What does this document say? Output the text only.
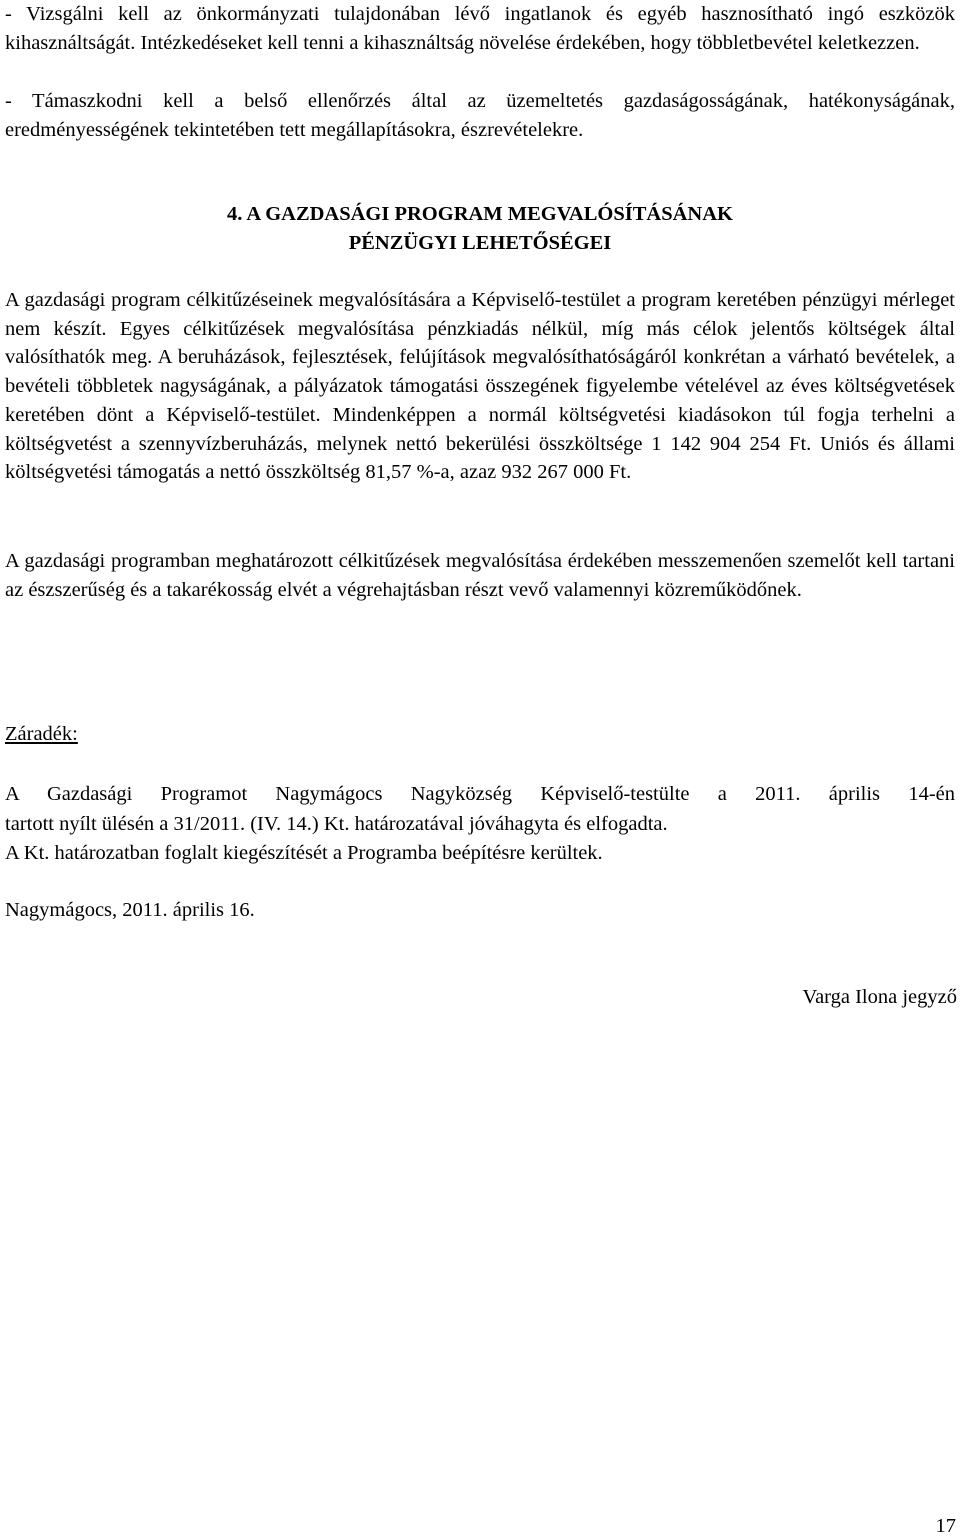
- Vizsgálni kell az önkormányzati tulajdonában lévő ingatlanok és egyéb hasznosítható ingó eszközök kihasználtságát. Intézkedéseket kell tenni a kihasználtság növelése érdekében, hogy többletbevétel keletkezzen.

- Támaszkodni kell a belső ellenőrzés által az üzemeltetés gazdaságosságának, hatékonyságának, eredményességének tekintetében tett megállapításokra, észrevételekre.

4. A GAZDASÁGI PROGRAM MEGVALÓSÍTÁSÁNAK
PÉNZÜGYI LEHETŐSÉGEI

A gazdasági program célkitűzéseinek megvalósítására a Képviselő-testület a program keretében pénzügyi mérleget nem készít. Egyes célkitűzések megvalósítása pénzkiadás nélkül, míg más célok jelentős költségek által valósíthatók meg. A beruházások, fejlesztések, felújítások megvalósíthatóságáról konkrétan a várható bevételek, a bevételi többletek nagyságának, a pályázatok támogatási összegének figyelembe vételével az éves költségvetések keretében dönt a Képviselő-testület. Mindenképpen a normál költségvetési kiadásokon túl fogja terhelni a költségvetést a szennyvízberuházás, melynek nettó bekerülési összköltsége 1 142 904 254 Ft. Uniós és állami költségvetési támogatás a nettó összköltség 81,57 %-a, azaz 932 267 000 Ft.

A gazdasági programban meghatározott célkitűzések megvalósítása érdekében messzemenően szemelőt kell tartani az észszerűség és a takarékosság elvét a végrehajtásban részt vevő valamennyi közreműködőnek.

Záradék:

A Gazdasági Programot Nagymágocs Nagyközség Képviselő-testülte a 2011. április 14-én
tartott nyílt ülésén a 31/2011. (IV. 14.) Kt. határozatával jóváhagyta és elfogadta.
A Kt. határozatban foglalt kiegészítését a Programba beépítésre kerültek.

Nagymágocs, 2011. április 16.

Varga Ilona jegyző

17
